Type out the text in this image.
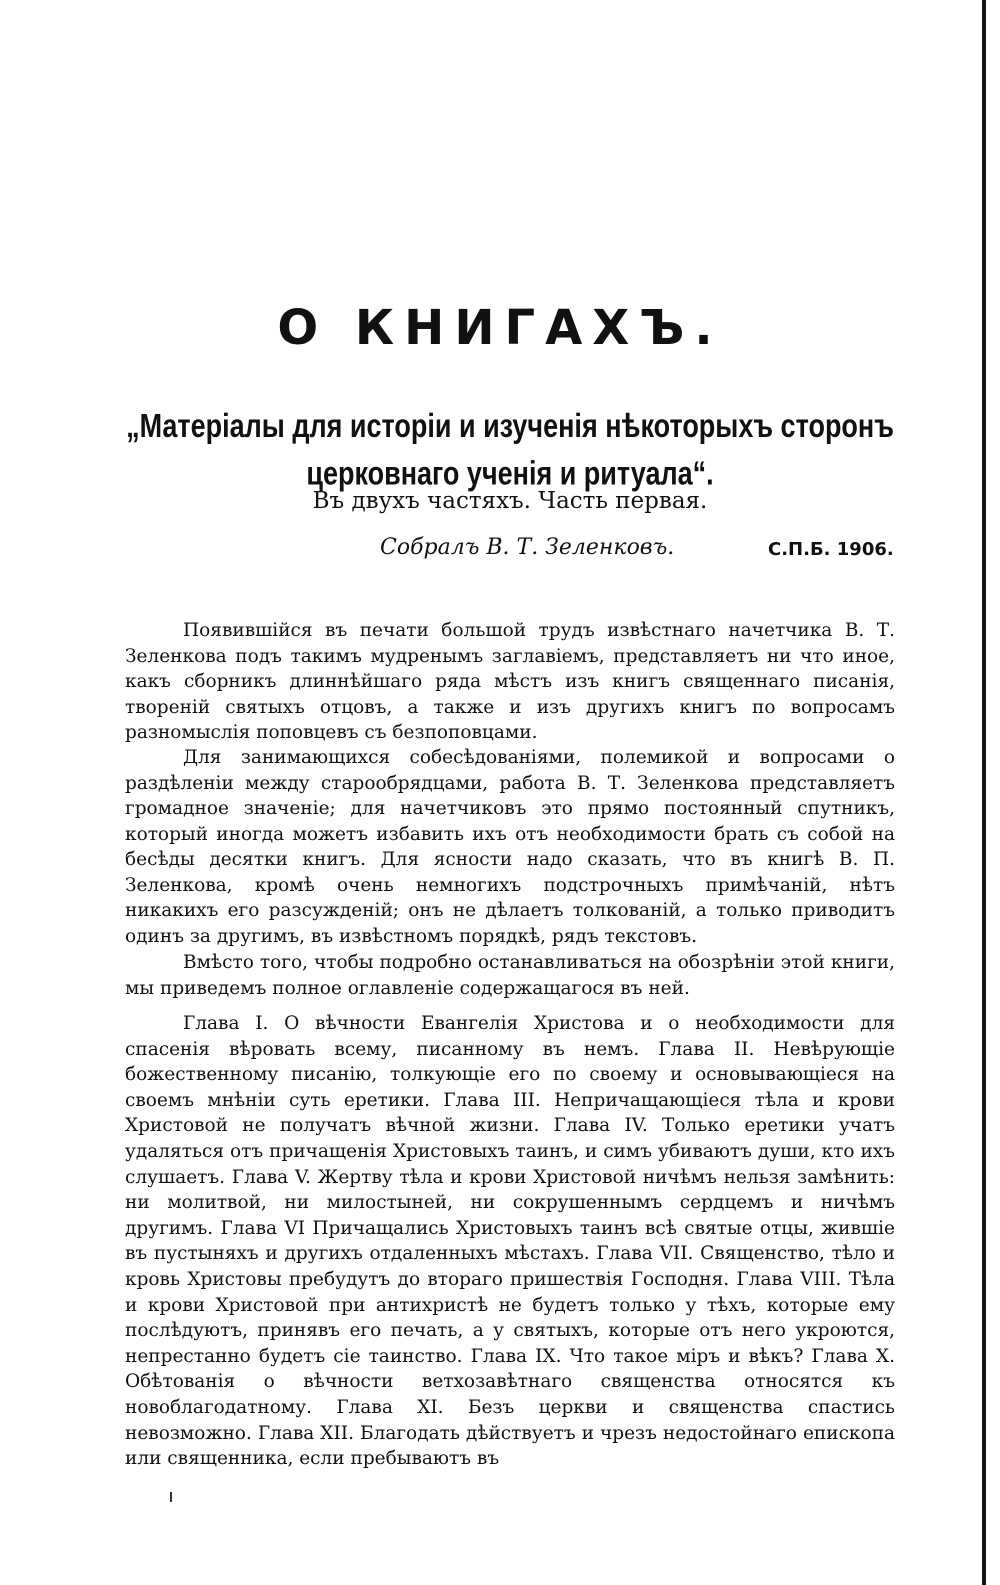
О КНИГАХЪ.
„Матеріалы для исторіи и изученія нѣкоторыхъ сторонъ церковнаго ученія и ритуала“.
Въ двухъ частяхъ. Часть первая.
Собралъ В. Т. Зеленковъ.	С.П.Б. 1906.

Появившійся въ печати большой трудъ извѣстнаго начетчика В. Т. Зеленкова подъ такимъ мудренымъ заглавіемъ, представляетъ ни что иное, какъ сборникъ длиннѣйшаго ряда мѣстъ изъ книгъ священнаго писанія, твореній святыхъ отцовъ, а также и изъ другихъ книгъ по вопросамъ разномыслія поповцевъ съ безпоповцами.

Для занимающихся собесѣдованіями, полемикой и вопросами о раздѣленіи между старообрядцами, работа В. Т. Зеленкова представляетъ громадное значеніе; для начетчиковъ это прямо постоянный спутникъ, который иногда можетъ избавить ихъ отъ необходимости брать съ собой на бесѣды десятки книгъ. Для ясности надо сказать, что въ книгѣ В. П. Зеленкова, кромѣ очень немногихъ подстрочныхъ примѣчаній, нѣтъ никакихъ его разсужденій; онъ не дѣлаетъ толкованій, а только приводитъ одинъ за другимъ, въ извѣстномъ порядкѣ, рядъ текстовъ.

Вмѣсто того, чтобы подробно останавливаться на обозрѣніи этой книги, мы приведемъ полное оглавленіе содержащагося въ ней.

Глава I. О вѣчности Евангелія Христова и о необходимости для спасенія вѣровать всему, писанному въ немъ. Глава II. Невѣрующіе божественному писанію, толкующіе его по своему и основывающіеся на своемъ мнѣніи суть еретики. Глава III. Непричащающіеся тѣла и крови Христовой не получатъ вѣчной жизни. Глава IV. Только еретики учатъ удаляться отъ причащенія Христовыхъ таинъ, и симъ убиваютъ души, кто ихъ слушаетъ. Глава V. Жертву тѣла и крови Христовой ничѣмъ нельзя замѣнить: ни молитвой, ни милостыней, ни сокрушеннымъ сердцемъ и ничѣмъ другимъ. Глава VI Причащались Христовыхъ таинъ всѣ святые отцы, жившіе въ пустыняхъ и другихъ отдаленныхъ мѣстахъ. Глава VII. Священство, тѣло и кровь Христовы пребудутъ до втораго пришествія Господня. Глава VIII. Тѣла и крови Христовой при антихристѣ не будетъ только у тѣхъ, которые ему послѣдуютъ, принявъ его печать, а у святыхъ, которые отъ него укроются, непрестанно будетъ сіе таинство. Глава IX. Что такое міръ и вѣкъ? Глава X. Обѣтованія о вѣчности ветхозавѣтнаго священства относятся къ новоблагодатному. Глава XI. Безъ церкви и священства спастись невозможно. Глава XII. Благодать дѣйствуетъ и чрезъ недостойнаго епископа или священника, если пребываютъ въ
